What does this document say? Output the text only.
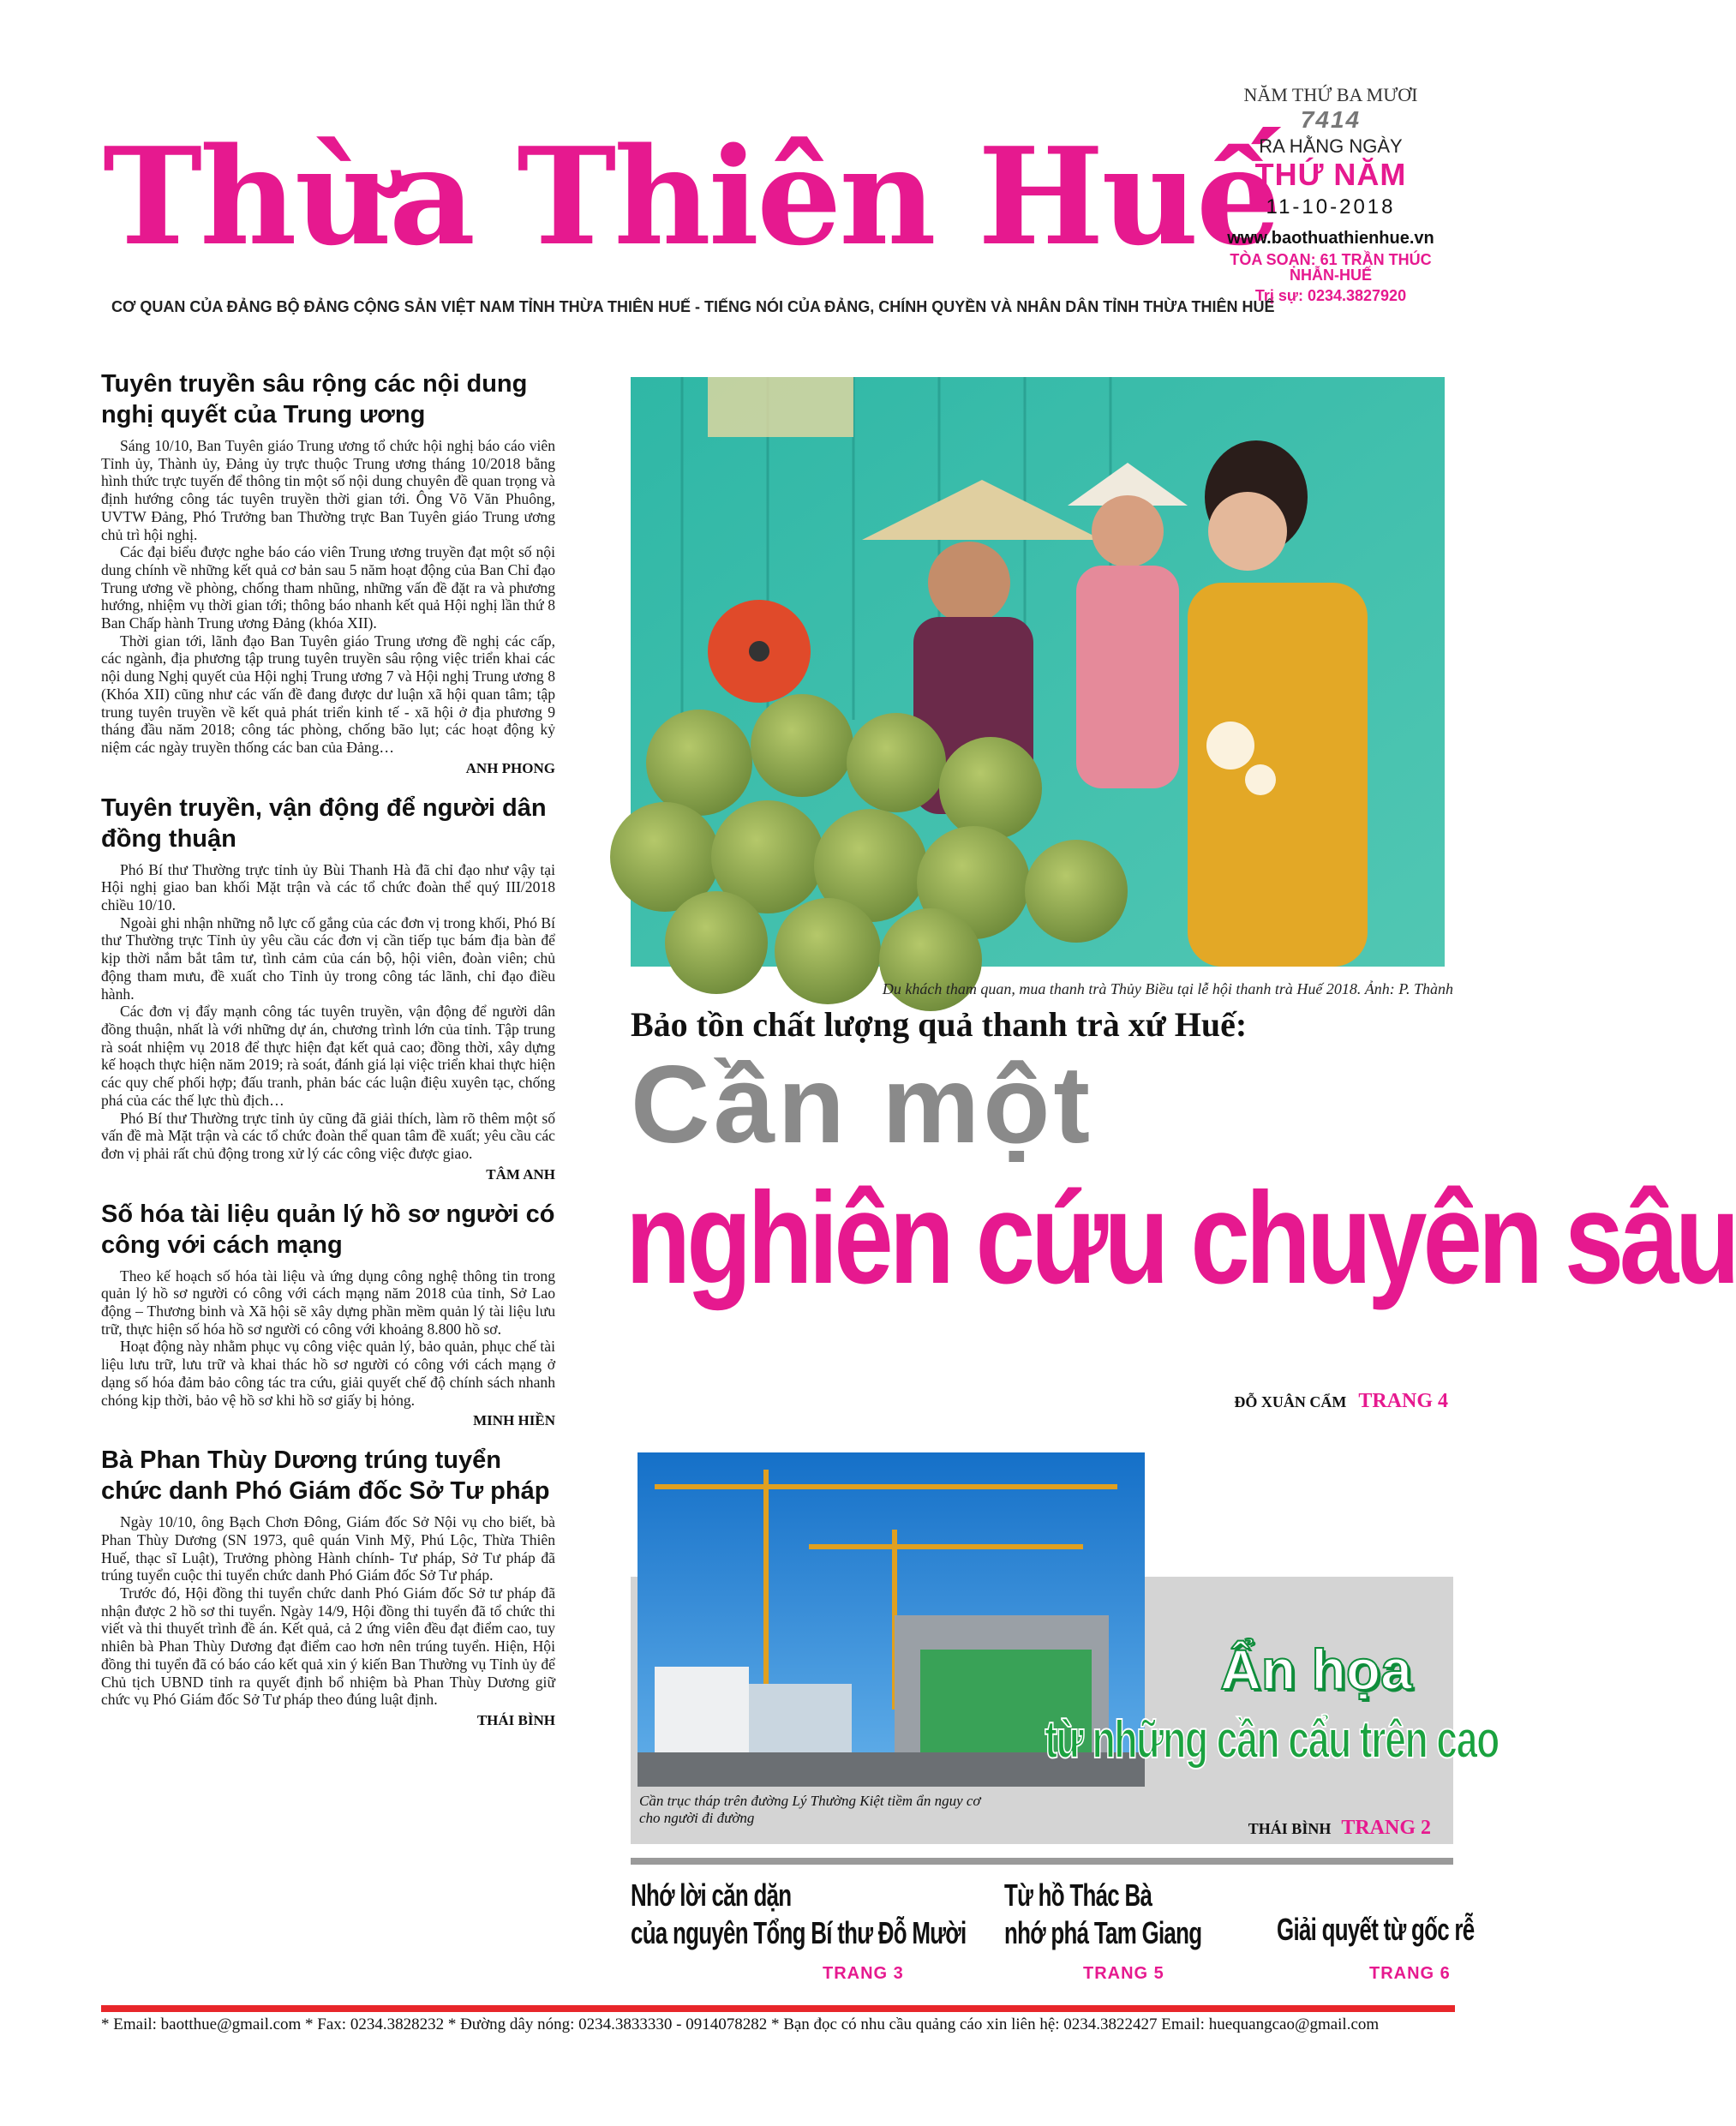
Thừa Thiên Huế
CƠ QUAN CỦA ĐẢNG BỘ ĐẢNG CỘNG SẢN VIỆT NAM TỈNH THỪA THIÊN HUẾ - TIẾNG NÓI CỦA ĐẢNG, CHÍNH QUYỀN VÀ NHÂN DÂN TỈNH THỪA THIÊN HUẾ
NĂM THỨ BA MƯƠI
7414
RA HẰNG NGÀY
THỨ NĂM
11-10-2018
www.baothuathienhue.vn
TÒA SOẠN: 61 TRẦN THÚC NHẪN-HUẾ
Trị sự: 0234.3827920
Tuyên truyền sâu rộng các nội dung nghị quyết của Trung ương

Sáng 10/10, Ban Tuyên giáo Trung ương tổ chức hội nghị báo cáo viên Tỉnh ủy, Thành ủy, Đảng ủy trực thuộc Trung ương tháng 10/2018 bằng hình thức trực tuyến để thông tin một số nội dung chuyên đề quan trọng và định hướng công tác tuyên truyền thời gian tới. Ông Võ Văn Phuông, UVTW Đảng, Phó Trưởng ban Thường trực Ban Tuyên giáo Trung ương chủ trì hội nghị.

Các đại biểu được nghe báo cáo viên Trung ương truyền đạt một số nội dung chính về những kết quả cơ bản sau 5 năm hoạt động của Ban Chỉ đạo Trung ương về phòng, chống tham nhũng, những vấn đề đặt ra và phương hướng, nhiệm vụ thời gian tới; thông báo nhanh kết quả Hội nghị lần thứ 8 Ban Chấp hành Trung ương Đảng (khóa XII).

Thời gian tới, lãnh đạo Ban Tuyên giáo Trung ương đề nghị các cấp, các ngành, địa phương tập trung tuyên truyền sâu rộng việc triển khai các nội dung Nghị quyết của Hội nghị Trung ương 7 và Hội nghị Trung ương 8 (Khóa XII) cũng như các vấn đề đang được dư luận xã hội quan tâm; tập trung tuyên truyền về kết quả phát triển kinh tế - xã hội ở địa phương 9 tháng đầu năm 2018; công tác phòng, chống bão lụt; các hoạt động kỷ niệm các ngày truyền thống các ban của Đảng…

ANH PHONG
Tuyên truyền, vận động để người dân đồng thuận

Phó Bí thư Thường trực tỉnh ủy Bùi Thanh Hà đã chỉ đạo như vậy tại Hội nghị giao ban khối Mặt trận và các tổ chức đoàn thể quý III/2018 chiều 10/10.

Ngoài ghi nhận những nỗ lực cố gắng của các đơn vị trong khối, Phó Bí thư Thường trực Tỉnh ủy yêu cầu các đơn vị cần tiếp tục bám địa bàn để kịp thời nắm bắt tâm tư, tình cảm của cán bộ, hội viên, đoàn viên; chủ động tham mưu, đề xuất cho Tỉnh ủy trong công tác lãnh, chỉ đạo điều hành.

Các đơn vị đẩy mạnh công tác tuyên truyền, vận động để người dân đồng thuận, nhất là với những dự án, chương trình lớn của tỉnh. Tập trung rà soát nhiệm vụ 2018 để thực hiện đạt kết quả cao; đồng thời, xây dựng kế hoạch thực hiện năm 2019; rà soát, đánh giá lại việc triển khai thực hiện các quy chế phối hợp; đấu tranh, phản bác các luận điệu xuyên tạc, chống phá của các thế lực thù địch…

Phó Bí thư Thường trực tỉnh ủy cũng đã giải thích, làm rõ thêm một số vấn đề mà Mặt trận và các tổ chức đoàn thể quan tâm đề xuất; yêu cầu các đơn vị phải rất chủ động trong xử lý các công việc được giao.

TÂM ANH
Số hóa tài liệu quản lý hồ sơ người có công với cách mạng

Theo kế hoạch số hóa tài liệu và ứng dụng công nghệ thông tin trong quản lý hồ sơ người có công với cách mạng năm 2018 của tỉnh, Sở Lao động – Thương binh và Xã hội sẽ xây dựng phần mềm quản lý tài liệu lưu trữ, thực hiện số hóa hồ sơ người có công với khoảng 8.800 hồ sơ.

Hoạt động này nhằm phục vụ công việc quản lý, bảo quản, phục chế tài liệu lưu trữ, lưu trữ và khai thác hồ sơ người có công với cách mạng ở dạng số hóa đảm bảo công tác tra cứu, giải quyết chế độ chính sách nhanh chóng kịp thời, bảo vệ hồ sơ khi hồ sơ giấy bị hỏng.

MINH HIỀN
Bà Phan Thùy Dương trúng tuyển chức danh Phó Giám đốc Sở Tư pháp

Ngày 10/10, ông Bạch Chơn Đông, Giám đốc Sở Nội vụ cho biết, bà Phan Thùy Dương (SN 1973, quê quán Vinh Mỹ, Phú Lộc, Thừa Thiên Huế, thạc sĩ Luật), Trưởng phòng Hành chính- Tư pháp, Sở Tư pháp đã trúng tuyển cuộc thi tuyển chức danh Phó Giám đốc Sở Tư pháp.

Trước đó, Hội đồng thi tuyển chức danh Phó Giám đốc Sở tư pháp đã nhận được 2 hồ sơ thi tuyển. Ngày 14/9, Hội đồng thi tuyển đã tổ chức thi viết và thi thuyết trình đề án. Kết quả, cả 2 ứng viên đều đạt điểm cao, tuy nhiên bà Phan Thùy Dương đạt điểm cao hơn nên trúng tuyển. Hiện, Hội đồng thi tuyển đã có báo cáo kết quả xin ý kiến Ban Thường vụ Tỉnh ủy để Chủ tịch UBND tỉnh ra quyết định bổ nhiệm bà Phan Thùy Dương giữ chức vụ Phó Giám đốc Sở Tư pháp theo đúng luật định.

THÁI BÌNH
Du khách tham quan, mua thanh trà Thủy Biều tại lễ hội thanh trà Huế 2018. Ảnh: P. Thành
Bảo tồn chất lượng quả thanh trà xứ Huế:
Cần một
nghiên cứu chuyên sâu
ĐỖ XUÂN CẨM TRANG 4
Cần trục tháp trên đường Lý Thường Kiệt tiềm ẩn nguy cơ cho người đi đường
Ẩn họa
từ những cần cẩu trên cao
THÁI BÌNH TRANG 2
Nhớ lời căn dặn
của nguyên Tổng Bí thư Đỗ Mười
TRANG 3
Từ hồ Thác Bà
nhớ phá Tam Giang
TRANG 5
Giải quyết từ gốc rễ
TRANG 6
* Email: baotthue@gmail.com * Fax: 0234.3828232 * Đường dây nóng: 0234.3833330 - 0914078282 * Bạn đọc có nhu cầu quảng cáo xin liên hệ: 0234.3822427 Email: huequangcao@gmail.com
